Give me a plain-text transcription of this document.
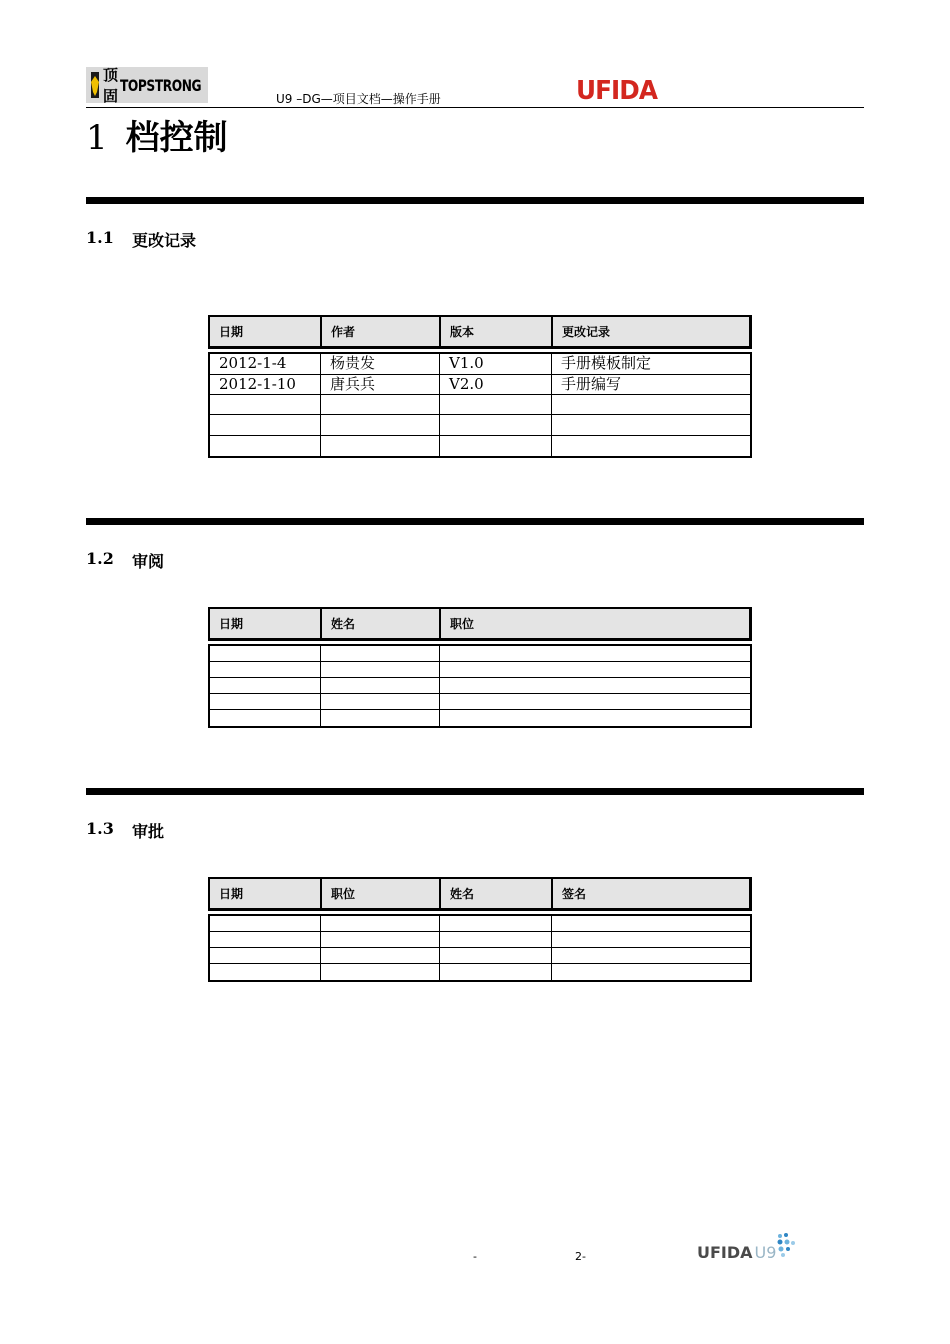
顶固
TOPSTRONG
U9 –DG—项目文档—操作手册	UFIDA
1 档控制
1.1	更改记录
日期	作者	版本	更改记录
2012-1-4	杨贵发	V1.0	手册模板制定
2012-1-10	唐兵兵	V2.0	手册编写
1.2	审阅
日期	姓名	职位
1.3	审批
日期	职位	姓名	签名
-	2-	UFIDA U9
